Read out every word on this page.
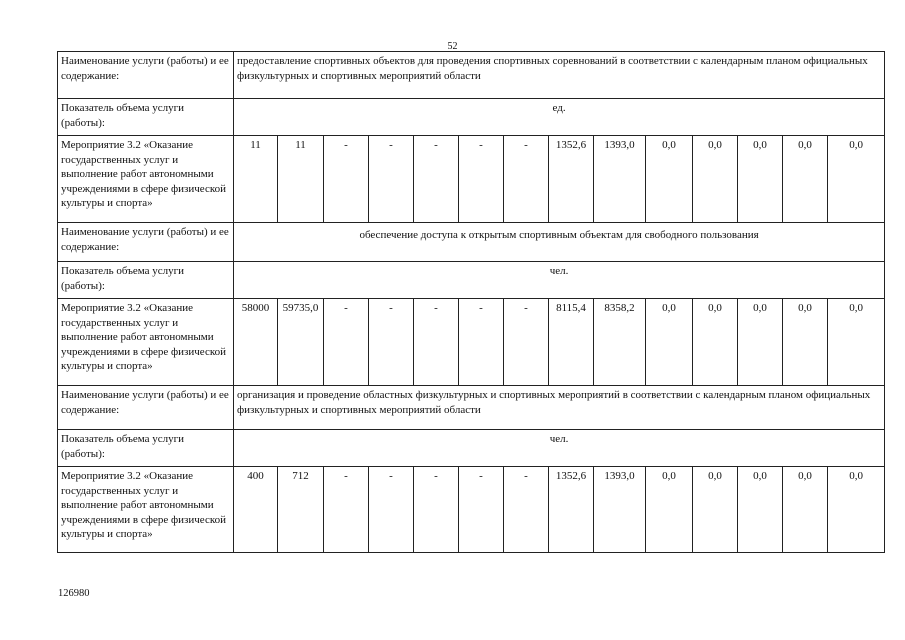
52
Наименование услуги (работы) и ее содержание:	предоставление спортивных объектов для проведения спортивных соревнований в соответствии с календарным планом официальных физкультурных и спортивных мероприятий области													
Показатель объема услуги (работы):	ед.													
Мероприятие 3.2 «Оказание государственных услуг и выполнение работ автономными учреждениями в сфере физической культуры и спорта»	11	11	-	-	-	-	-	1352,6	1393,0	0,0	0,0	0,0	0,0	0,0
Наименование услуги (работы) и ее содержание:	обеспечение доступа к открытым спортивным объектам для свободного пользования													
Показатель объема услуги (работы):	чел.													
Мероприятие 3.2 «Оказание государственных услуг и выполнение работ автономными учреждениями в сфере физической культуры и спорта»	58000	59735,0	-	-	-	-	-	8115,4	8358,2	0,0	0,0	0,0	0,0	0,0
Наименование услуги (работы) и ее содержание:	организация и проведение областных физкультурных и спортивных мероприятий в соответствии с календарным планом официальных физкультурных и спортивных мероприятий области													
Показатель объема услуги (работы):	чел.													
Мероприятие 3.2 «Оказание государственных услуг и выполнение работ автономными учреждениями в сфере физической культуры и спорта»	400	712	-	-	-	-	-	1352,6	1393,0	0,0	0,0	0,0	0,0	0,0
126980
